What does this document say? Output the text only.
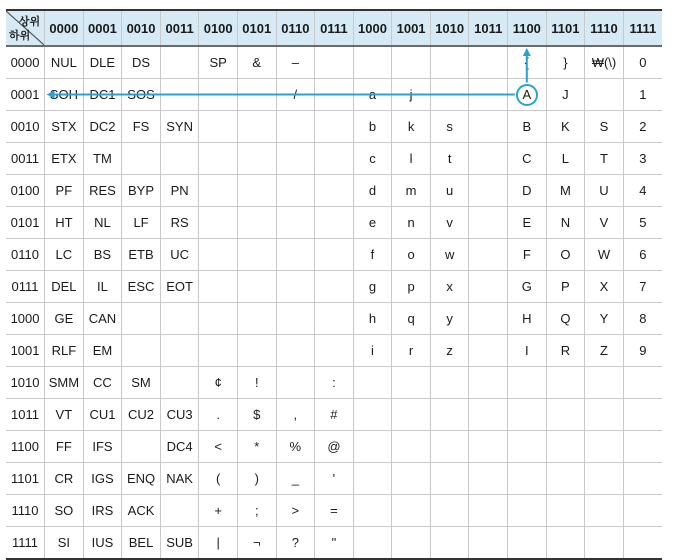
상위
하위	0000	0001	0010	0011	0100	0101	0110	0111	1000	1001	1010	1011	1100	1101	1110	1111
0000	NUL	DLE	DS		SP	&	–						{	}	₩(\)	0
0001	SOH	DC1	SOS				/		a	j	~		A	J		1
0010	STX	DC2	FS	SYN					b	k	s		B	K	S	2
0011	ETX	TM							c	l	t		C	L	T	3
0100	PF	RES	BYP	PN					d	m	u		D	M	U	4
0101	HT	NL	LF	RS					e	n	v		E	N	V	5
0110	LC	BS	ETB	UC					f	o	w		F	O	W	6
0111	DEL	IL	ESC	EOT					g	p	x		G	P	X	7
1000	GE	CAN							h	q	y		H	Q	Y	8
1001	RLF	EM							i	r	z		I	R	Z	9
1010	SMM	CC	SM		¢	!		:								
1011	VT	CU1	CU2	CU3	.	$	,	#								
1100	FF	IFS		DC4	<	*	%	@								
1101	CR	IGS	ENQ	NAK	(	)	_	'								
1110	SO	IRS	ACK		+	;	>	=								
1111	SI	IUS	BEL	SUB	|	¬	?	"								
